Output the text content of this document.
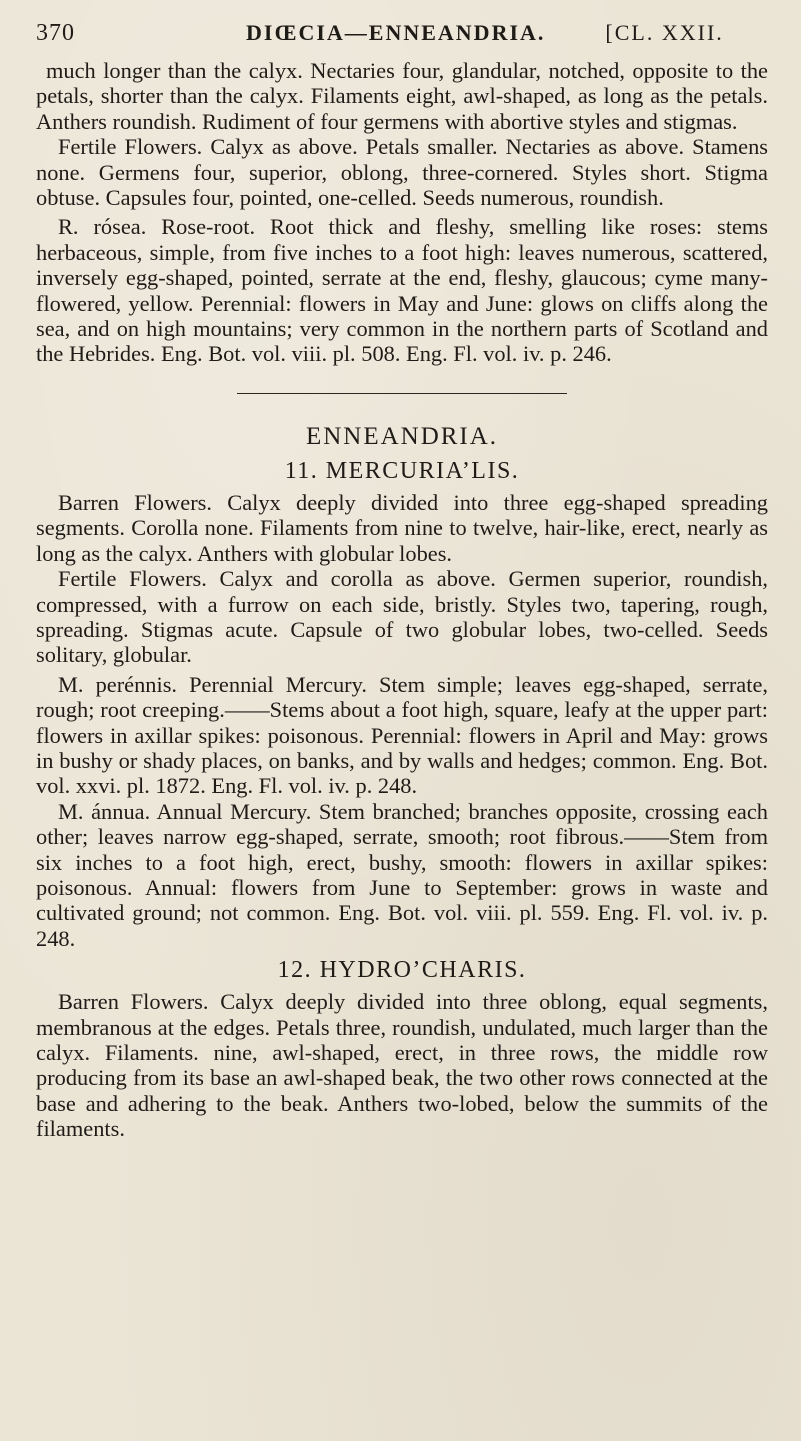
370	DIŒCIA—ENNEANDRIA.	[CL. XXII.

much longer than the calyx. Nectaries four, glandular, notched, opposite to the petals, shorter than the calyx. Filaments eight, awl-shaped, as long as the petals. Anthers roundish. Rudiment of four germens with abortive styles and stigmas.

Fertile Flowers. Calyx as above. Petals smaller. Nectaries as above. Stamens none. Germens four, superior, oblong, three-cornered. Styles short. Stigma obtuse. Capsules four, pointed, one-celled. Seeds numerous, roundish.

R. rósea. Rose-root. Root thick and fleshy, smelling like roses: stems herbaceous, simple, from five inches to a foot high: leaves numerous, scattered, inversely egg-shaped, pointed, serrate at the end, fleshy, glaucous; cyme many-flowered, yellow. Perennial: flowers in May and June: glows on cliffs along the sea, and on high mountains; very common in the northern parts of Scotland and the Hebrides. Eng. Bot. vol. viii. pl. 508. Eng. Fl. vol. iv. p. 246.

ENNEANDRIA.
11. MERCURIA’LIS.

Barren Flowers. Calyx deeply divided into three egg-shaped spreading segments. Corolla none. Filaments from nine to twelve, hair-like, erect, nearly as long as the calyx. Anthers with globular lobes.

Fertile Flowers. Calyx and corolla as above. Germen superior, roundish, compressed, with a furrow on each side, bristly. Styles two, tapering, rough, spreading. Stigmas acute. Capsule of two globular lobes, two-celled. Seeds solitary, globular.

M. perénnis. Perennial Mercury. Stem simple; leaves egg-shaped, serrate, rough; root creeping.——Stems about a foot high, square, leafy at the upper part: flowers in axillar spikes: poisonous. Perennial: flowers in April and May: grows in bushy or shady places, on banks, and by walls and hedges; common. Eng. Bot. vol. xxvi. pl. 1872. Eng. Fl. vol. iv. p. 248.

M. ánnua. Annual Mercury. Stem branched; branches opposite, crossing each other; leaves narrow egg-shaped, serrate, smooth; root fibrous.——Stem from six inches to a foot high, erect, bushy, smooth: flowers in axillar spikes: poisonous. Annual: flowers from June to September: grows in waste and cultivated ground; not common. Eng. Bot. vol. viii. pl. 559. Eng. Fl. vol. iv. p. 248.

12. HYDRO’CHARIS.

Barren Flowers. Calyx deeply divided into three oblong, equal segments, membranous at the edges. Petals three, roundish, undulated, much larger than the calyx. Filaments. nine, awl-shaped, erect, in three rows, the middle row producing from its base an awl-shaped beak, the two other rows connected at the base and adhering to the beak. Anthers two-lobed, below the summits of the filaments.
